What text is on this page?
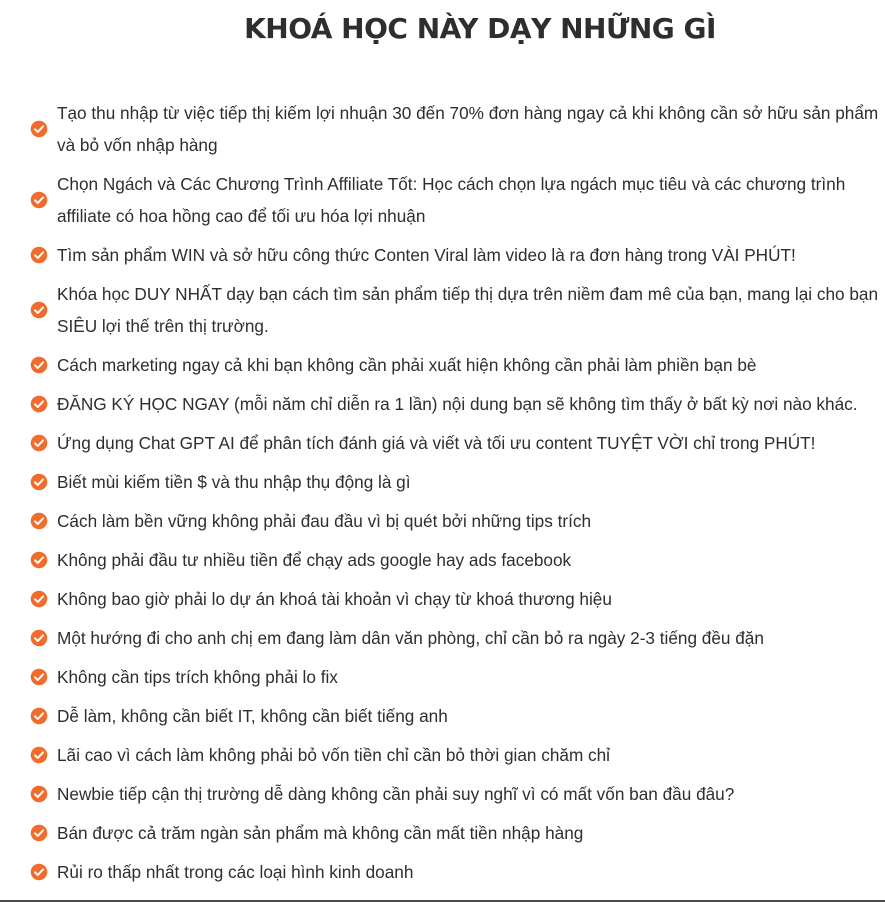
KHOÁ HỌC NÀY DẠY NHỮNG GÌ
Tạo thu nhập từ việc tiếp thị kiếm lợi nhuận 30 đến 70% đơn hàng ngay cả khi không cần sở hữu sản phẩm và bỏ vốn nhập hàng
Chọn Ngách và Các Chương Trình Affiliate Tốt: Học cách chọn lựa ngách mục tiêu và các chương trình affiliate có hoa hồng cao để tối ưu hóa lợi nhuận
Tìm sản phẩm WIN và sở hữu công thức Conten Viral làm video là ra đơn hàng trong VÀI PHÚT!
Khóa học DUY NHẤT dạy bạn cách tìm sản phẩm tiếp thị dựa trên niềm đam mê của bạn, mang lại cho bạn SIÊU lợi thế trên thị trường.
Cách marketing ngay cả khi bạn không cần phải xuất hiện không cần phải làm phiền bạn bè
ĐĂNG KÝ HỌC NGAY (mỗi năm chỉ diễn ra 1 lần) nội dung bạn sẽ không tìm thấy ở bất kỳ nơi nào khác.
Ứng dụng Chat GPT AI để phân tích đánh giá và viết và tối ưu content TUYỆT VỜI chỉ trong PHÚT!
Biết mùi kiếm tiền $ và thu nhập thụ động là gì
Cách làm bền vững không phải đau đầu vì bị quét bởi những tips trích
Không phải đầu tư nhiều tiền để chạy ads google hay ads facebook
Không bao giờ phải lo dự án khoá tài khoản vì chạy từ khoá thương hiệu
Một hướng đi cho anh chị em đang làm dân văn phòng, chỉ cần bỏ ra ngày 2-3 tiếng đều đặn
Không cần tips trích không phải lo fix
Dễ làm, không cần biết IT, không cần biết tiếng anh
Lãi cao vì cách làm không phải bỏ vốn tiền chỉ cần bỏ thời gian chăm chỉ
Newbie tiếp cận thị trường dễ dàng không cần phải suy nghĩ vì có mất vốn ban đầu đâu?
Bán được cả trăm ngàn sản phẩm mà không cần mất tiền nhập hàng
Rủi ro thấp nhất trong các loại hình kinh doanh
